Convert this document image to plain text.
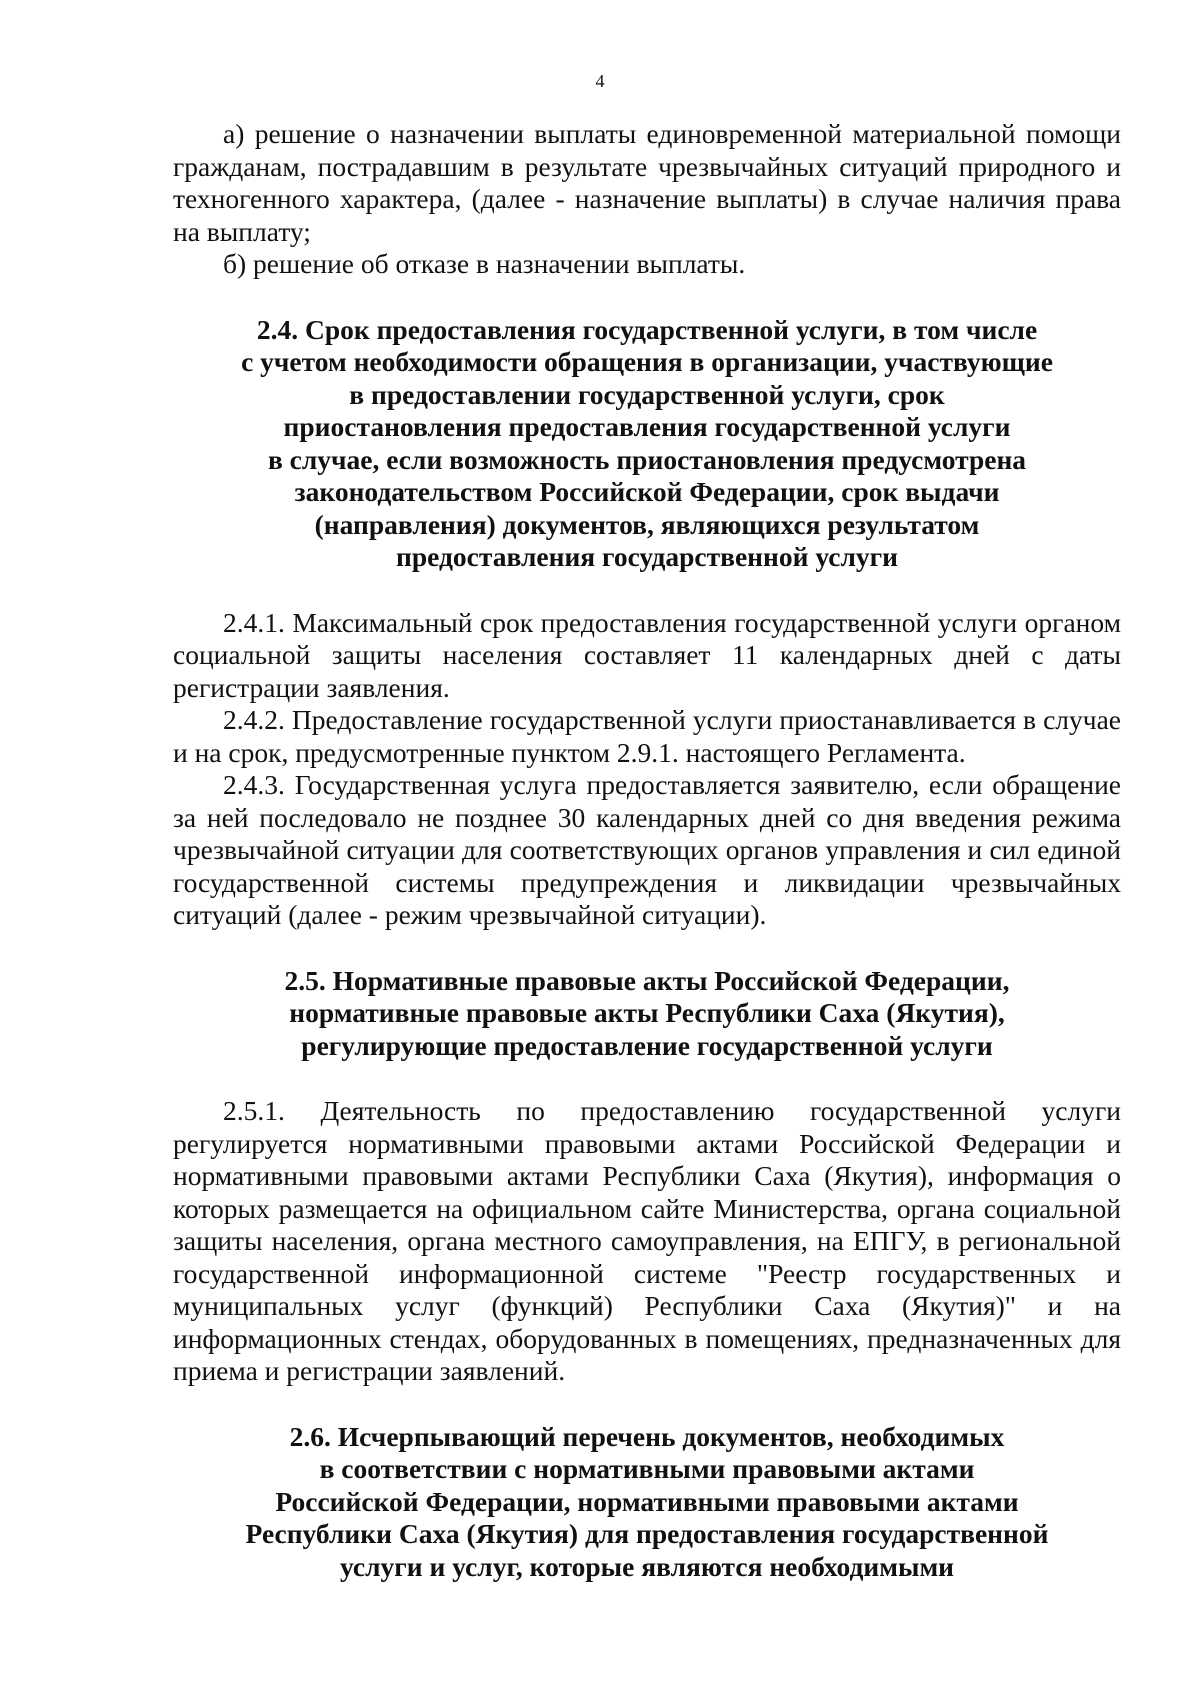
4

а) решение о назначении выплаты единовременной материальной помощи гражданам, пострадавшим в результате чрезвычайных ситуаций природного и техногенного характера, (далее - назначение выплаты) в случае наличия права на выплату;

б) решение об отказе в назначении выплаты.

2.4. Срок предоставления государственной услуги, в том числе
с учетом необходимости обращения в организации, участвующие
в предоставлении государственной услуги, срок
приостановления предоставления государственной услуги
в случае, если возможность приостановления предусмотрена
законодательством Российской Федерации, срок выдачи
(направления) документов, являющихся результатом
предоставления государственной услуги

2.4.1. Максимальный срок предоставления государственной услуги органом социальной защиты населения составляет 11 календарных дней с даты регистрации заявления.

2.4.2. Предоставление государственной услуги приостанавливается в случае и на срок, предусмотренные пунктом 2.9.1. настоящего Регламента.

2.4.3. Государственная услуга предоставляется заявителю, если обращение за ней последовало не позднее 30 календарных дней со дня введения режима чрезвычайной ситуации для соответствующих органов управления и сил единой государственной системы предупреждения и ликвидации чрезвычайных ситуаций (далее - режим чрезвычайной ситуации).

2.5. Нормативные правовые акты Российской Федерации,
нормативные правовые акты Республики Саха (Якутия),
регулирующие предоставление государственной услуги

2.5.1. Деятельность по предоставлению государственной услуги регулируется нормативными правовыми актами Российской Федерации и нормативными правовыми актами Республики Саха (Якутия), информация о которых размещается на официальном сайте Министерства, органа социальной защиты населения, органа местного самоуправления, на ЕПГУ, в региональной государственной информационной системе "Реестр государственных и муниципальных услуг (функций) Республики Саха (Якутия)" и на информационных стендах, оборудованных в помещениях, предназначенных для приема и регистрации заявлений.

2.6. Исчерпывающий перечень документов, необходимых
в соответствии с нормативными правовыми актами
Российской Федерации, нормативными правовыми актами
Республики Саха (Якутия) для предоставления государственной
услуги и услуг, которые являются необходимыми
